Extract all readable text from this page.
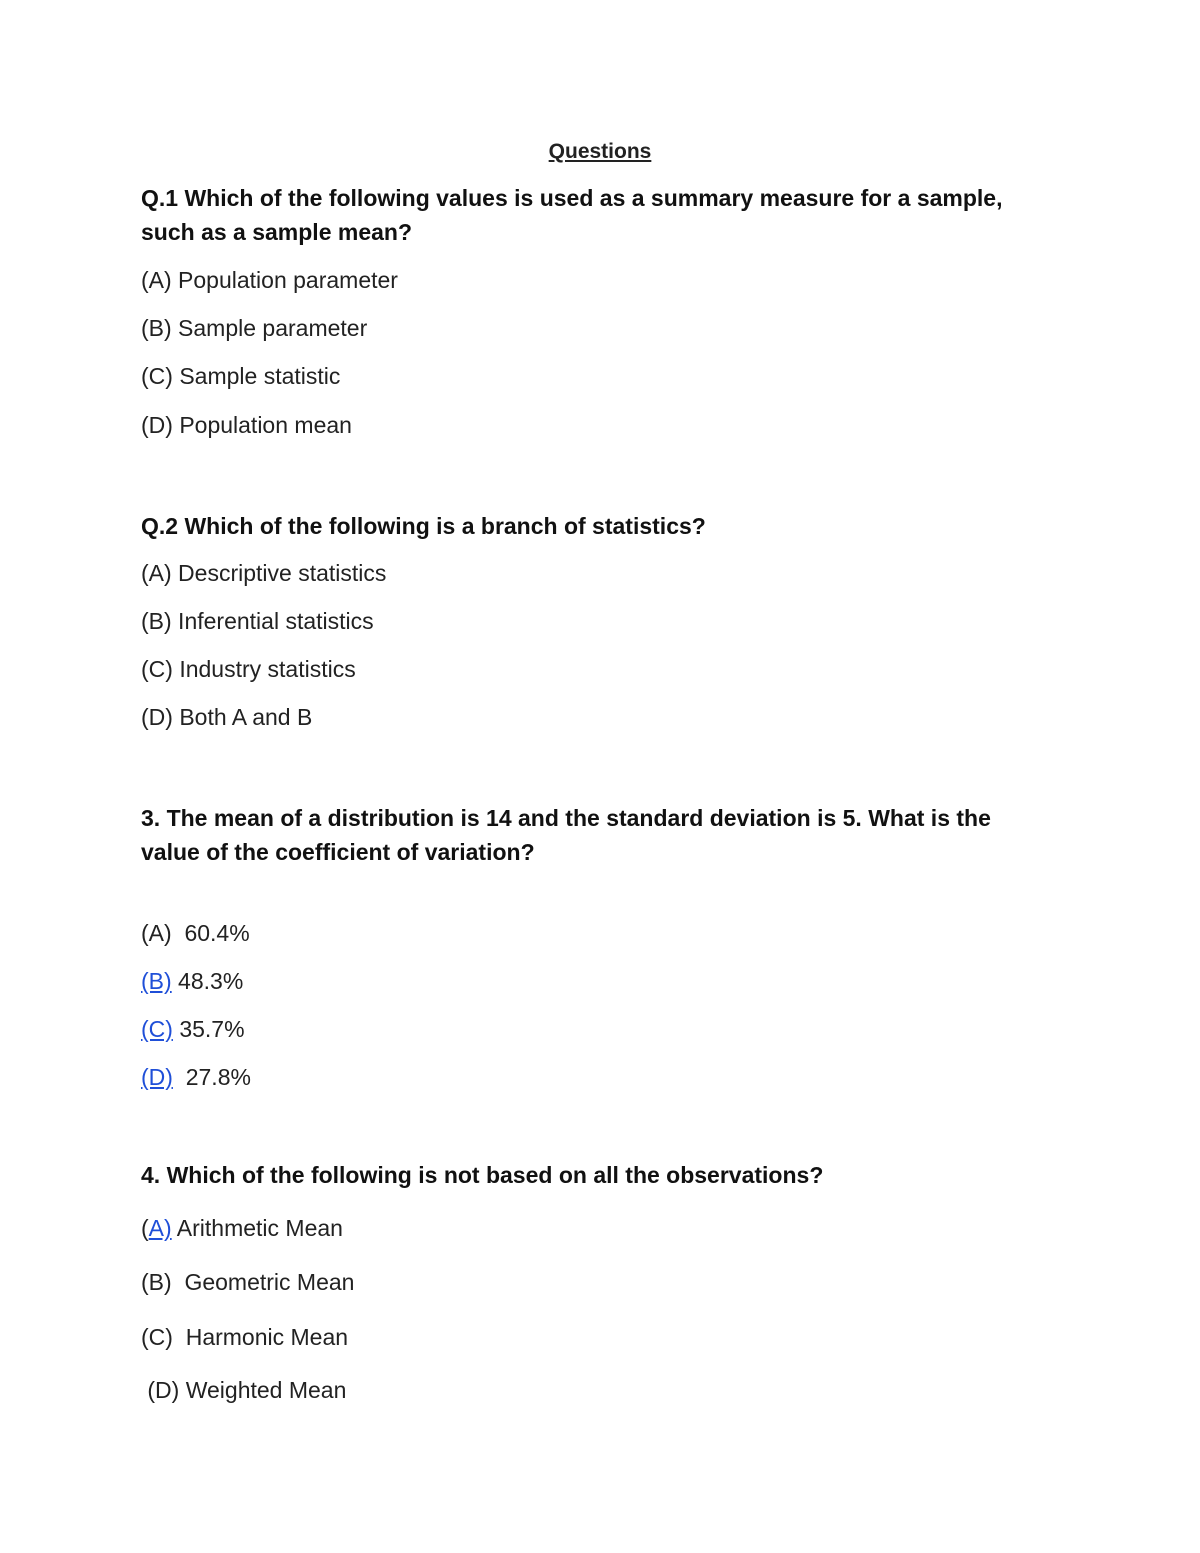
Questions
Q.1 Which of the following values is used as a summary measure for a sample, such as a sample mean?
(A) Population parameter
(B) Sample parameter
(C) Sample statistic
(D) Population mean
Q.2 Which of the following is a branch of statistics?
(A) Descriptive statistics
(B) Inferential statistics
(C) Industry statistics
(D) Both A and B
3. The mean of a distribution is 14 and the standard deviation is 5. What is the value of the coefficient of variation?
(A)  60.4%
(B) 48.3%
(C) 35.7%
(D)  27.8%
4. Which of the following is not based on all the observations?
(A) Arithmetic Mean
(B)  Geometric Mean
(C)  Harmonic Mean
(D) Weighted Mean
